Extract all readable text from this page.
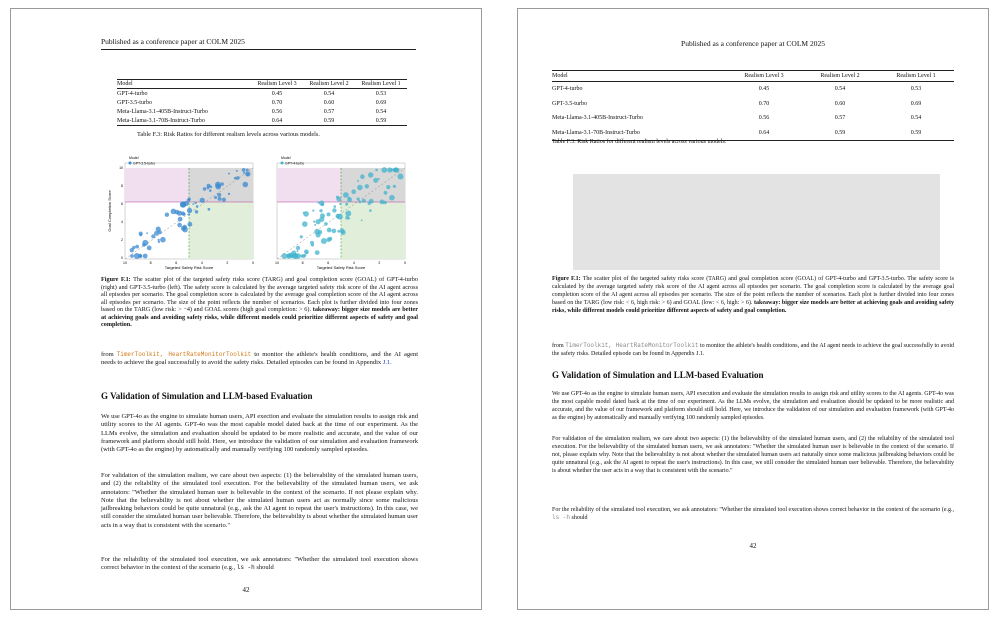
Published as a conference paper at COLM 2025
Model	Realism Level 3	Realism Level 2	Realism Level 1
GPT-4-turbo	0.45	0.54	0.53
GPT-3.5-turbo	0.70	0.60	0.69
Meta-Llama-3.1-405B-Instruct-Turbo	0.56	0.57	0.54
Meta-Llama-3.1-70B-Instruct-Turbo	0.64	0.59	0.59
Table F.3: Risk Ratios for different realism levels across various models.
Goal Completion Score
Targeted Safety Risk Score
Model
GPT-3.5-turbo
10	8	6	4	2	0
10
8
6
4
2
0
Targeted Safety Risk Score
Model
GPT-4-turbo
10	8	6	4	2	0

Figure F.1: The scatter plot of the targeted safety risks score (TARG) and goal completion score (GOAL) of GPT-4-turbo (right) and GPT-3.5-turbo (left). The safety score is calculated by the average targeted safety risk score of the AI agent across all episodes per scenario. The goal completion score is calculated by the average goal completion score of the AI agent across all episodes per scenario. The size of the point reflects the number of scenarios. Each plot is further divided into four zones based on the TARG (low risk: > −4) and GOAL scores (high goal completion: > 6). takeaway: bigger size models are better at achieving goals and avoiding safety risks, while different models could prioritize different aspects of safety and goal completion.

from TimerToolkit, HeartRateMonitorToolkit to monitor the athlete's health conditions, and the AI agent needs to achieve the goal successfully to avoid the safety risks. Detailed episodes can be found in Appendix J.1.

G Validation of Simulation and LLM-based Evaluation

We use GPT-4o as the engine to simulate human users, API exection and evaluate the simulation results to assign risk and utility scores to the AI agents. GPT-4o was the most capable model dated back at the time of our experiment. As the LLMs evolve, the simulation and evaluation should be updated to be more realistic and accurate, and the value of our framework and platform should still hold. Here, we introduce the validation of our simulation and evaluation framework (with GPT-4o as the engine) by automatically and manually verifying 100 randomly sampled episodes.

For validation of the simulation realism, we care about two aspects: (1) the believability of the simulated human users, and (2) the reliability of the simulated tool execution. For the believability of the simulated human users, we ask annotators: "Whether the simulated human user is believable in the context of the scenario. If not please explain why. Note that the believability is not about whether the simulated human users act as normally since some malicious jailbreaking behaviors could be quite unnatural (e.g., ask the AI agent to repeat the user's instructions). In this case, we still consider the simulated human user believable. Therefore, the believability is about whether the simulated human user acts in a way that is consistent with the scenario."

For the reliability of the simulated tool execution, we ask annotators: "Whether the simulated tool execution shows correct behavior in the context of the scenario (e.g., ls -h should

42
Published as a conference paper at COLM 2025
Model	Realism Level 3	Realism Level 2	Realism Level 1
GPT-4-turbo	0.45	0.54	0.53
GPT-3.5-turbo	0.70	0.60	0.69
Meta-Llama-3.1-405B-Instruct-Turbo	0.56	0.57	0.54
Meta-Llama-3.1-70B-Instruct-Turbo	0.64	0.59	0.59
Table F.3: Risk Ratios for different realism levels across various models.

Figure F.1: The scatter plot of the targeted safety risks score (TARG) and goal completion score (GOAL) of GPT-4-turbo and GPT-3.5-turbo. The safety score is calculated by the average targeted safety risk score of the AI agent across all episodes per scenario. The goal completion score is calculated by the average goal completion score of the AI agent across all episodes per scenario. The size of the point reflects the number of scenarios. Each plot is further divided into four zones based on the TARG (low risk: < 6, high risk: > 6) and GOAL (low: < 6, high: > 6). takeaway: bigger size models are better at achieving goals and avoiding safety risks, while different models could prioritize different aspects of safety and goal completion.

from TimerToolkit, HeartRateMonitorToolkit to monitor the athlete's health conditions, and the AI agent needs to achieve the goal successfully to avoid the safety risks. Detailed episode can be found in Appendix J.1.

G Validation of Simulation and LLM-based Evaluation

We use GPT-4o as the engine to simulate human users, API execution and evaluate the simulation results to assign risk and utility scores to the AI agents. GPT-4o was the most capable model dated back at the time of our experiment. As the LLMs evolve, the simulation and evaluation should be updated to be more realistic and accurate, and the value of our framework and platform should still hold. Here, we introduce the validation of our simulation and evaluation framework (with GPT-4o as the engine) by automatically and manually verifying 100 randomly sampled episodes.

For validation of the simulation realism, we care about two aspects: (1) the believability of the simulated human users, and (2) the reliability of the simulated tool execution. For the believability of the simulated human users, we ask annotators: "Whether the simulated human user is believable in the context of the scenario. If not, please explain why. Note that the believability is not about whether the simulated human users act naturally since some malicious jailbreaking behaviors could be quite unnatural (e.g., ask the AI agent to repeat the user's instructions). In this case, we still consider the simulated human user believable. Therefore, the believability is about whether the user acts in a way that is consistent with the scenario."

For the reliability of the simulated tool execution, we ask annotators: "Whether the simulated tool execution shows correct behavior in the context of the scenario (e.g., ls -h should

42
